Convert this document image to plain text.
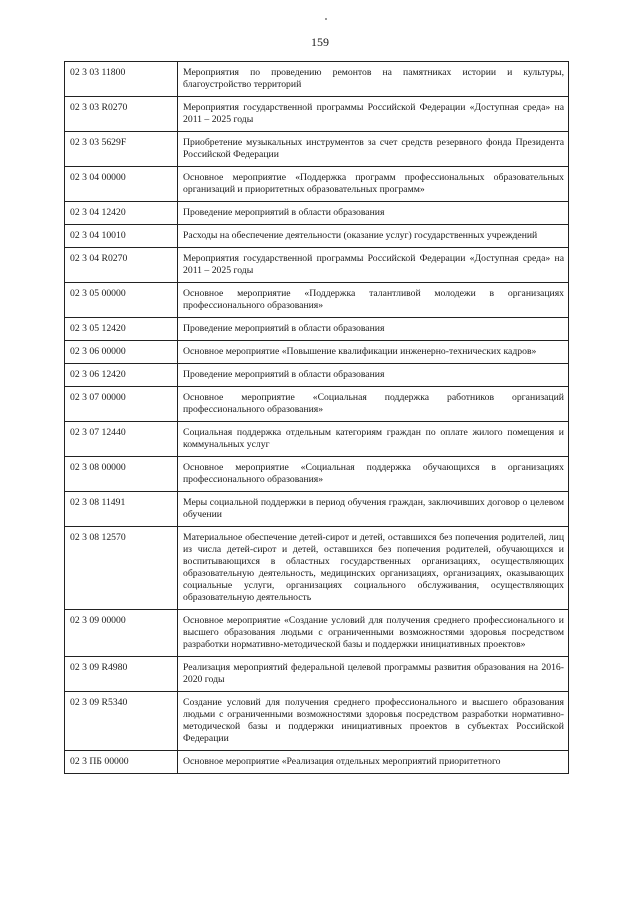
159
02 3 03 11800	Мероприятия по проведению ремонтов на памятниках истории и культуры, благоустройство территорий
02 3 03 R0270	Мероприятия государственной программы Российской Федерации «Доступная среда» на 2011 – 2025 годы
02 3 03 5629F	Приобретение музыкальных инструментов за счет средств резервного фонда Президента Российской Федерации
02 3 04 00000	Основное мероприятие «Поддержка программ профессиональных образовательных организаций и приоритетных образовательных программ»
02 3 04 12420	Проведение мероприятий в области образования
02 3 04 10010	Расходы на обеспечение деятельности (оказание услуг) государственных учреждений
02 3 04 R0270	Мероприятия государственной программы Российской Федерации «Доступная среда» на 2011 – 2025 годы
02 3 05 00000	Основное мероприятие «Поддержка талантливой молодежи в организациях профессионального образования»
02 3 05 12420	Проведение мероприятий в области образования
02 3 06 00000	Основное мероприятие «Повышение квалификации инженерно-технических кадров»
02 3 06 12420	Проведение мероприятий в области образования
02 3 07 00000	Основное мероприятие «Социальная поддержка работников организаций профессионального образования»
02 3 07 12440	Социальная поддержка отдельным категориям граждан по оплате жилого помещения и коммунальных услуг
02 3 08 00000	Основное мероприятие «Социальная поддержка обучающихся в организациях профессионального образования»
02 3 08 11491	Меры социальной поддержки в период обучения граждан, заключивших договор о целевом обучении
02 3 08 12570	Материальное обеспечение детей-сирот и детей, оставшихся без попечения родителей, лиц из числа детей-сирот и детей, оставшихся без попечения родителей, обучающихся и воспитывающихся в областных государственных организациях, осуществляющих образовательную деятельность, медицинских организациях, организациях, оказывающих социальные услуги, организациях социального обслуживания, осуществляющих образовательную деятельность
02 3 09 00000	Основное мероприятие «Создание условий для получения среднего профессионального и высшего образования людьми с ограниченными возможностями здоровья посредством разработки нормативно-методической базы и поддержки инициативных проектов»
02 3 09 R4980	Реализация мероприятий федеральной целевой программы развития образования на 2016-2020 годы
02 3 09 R5340	Создание условий для получения среднего профессионального и высшего образования людьми с ограниченными возможностями здоровья посредством разработки нормативно-методической базы и поддержки инициативных проектов в субъектах Российской Федерации
02 3 ПБ 00000	Основное мероприятие «Реализация отдельных мероприятий приоритетного
